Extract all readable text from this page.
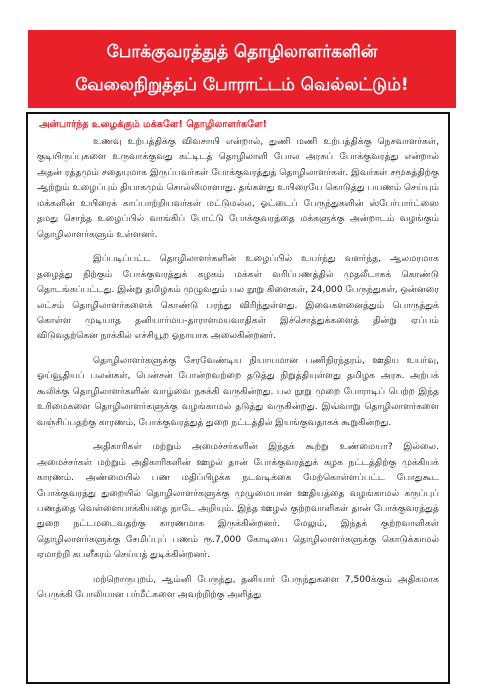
போக்குவரத்துத் தொழிலாளர்களின்
வேலைநிறுத்தப் போராட்டம் வெல்லட்டும்!
அன்பார்ந்த உழைக்கும் மக்களே! தொழிலாளர்களே!

உணவு உற்பத்திக்கு விவசாயி என்றால், துணி மணி உற்பத்திக்கு நெசவாளர்கள், குடியிருப்புகளை உருவாக்குவது கட்டிடத் தொழிலாளி போல அரசுப் போக்குவரத்து என்றால் அதன் ரத்தமும் சதையுமாக இருப்பவர்கள் போக்குவரத்துத் தொழிலாளர்கள். இவர்கள் சமூகத்திற்கு ஆற்றும் உழைப்பும் தியாகமும் சொல்லிமாளாது. தங்களது உயிரையே கொடுத்து பயணம் செய்யும் மக்களின் உயிரைக் காப்பாற்றியவர்கள் மட்டுமல்ல, ஓட்டைப் பேருந்துகளின் ஸ்பேர்பார்ட்ஸை தமது சொந்த உழைப்பில் வாங்கிப் போட்டு போக்குவரத்தை மக்களுக்கு அன்றாடம் வழங்கும் தொழிலாளர்களும் உள்ளனர்.

இப்படிப்பட்ட தொழிலாளர்களின் உழைப்பில் உயர்ந்து வளர்ந்த, ஆலமரமாக தழைத்து நிற்கும் போக்குவரத்துக் கழகம் மக்கள் வரிப்பணத்தில் முதலீடாகக் கொண்டு தொடங்கப்பட்டது. இன்று தமிழகம் முழுவதும் பல நூறு கிளைகள், 24,000 பேருந்துகள், ஒன்னரை லட்சம் தொழிலாளர்களைக் கொண்டு பரந்து விரிந்துள்ளது. இவைகளனைத்தும் பொருத்துக் கொள்ள முடியாத தனியார்மய-தாராளமயவாதிகள் இச்சொத்துக்களைத் தின்று ஏப்பம் விடுவதற்கென நாக்கில் எச்சியூற ஓநாயாக அலைகின்றனர்.

தொழிலாளர்களுக்கு சேரவேண்டிய நியாயமான பணிநிரந்தரம், ஊதிய உயர்வு, ஓய்வூதியப் பலன்கள், பென்சன் போன்றவற்றை தடுத்து நிறுத்தியுள்ளது தமிழக அரசு. அற்பக் கூலிக்கு தொழிலாளர்களின் வாழ்வை நசுக்கி வருகின்றது. பல நூறு முறை போராடிப் பெற்ற இந்த உரிமைகளை தொழிலாளர்களுக்கு வழங்காமல் தடுத்து வருகின்றது. இவ்வாறு தொழிலாளர்களை வஞ்சிப்பதற்கு காரணம், போக்குவரத்துத் துறை நட்டத்தில் இயங்குவதாகக் கூறுகின்றது.

அதிகாரிகள் மற்றும் அமைச்சர்களின் இந்தக் கூற்று உண்மையா? இல்லை. அமைச்சர்கள் மற்றும் அதிகாரிகளின் ஊழல் தான் போக்குவரத்துக் கழக நட்டத்திற்கு முக்கியக் காரணம். அண்மையில் பண மதிப்பிழக்க நடவடிக்கை மேற்கொள்ளப்பட்ட போதுகூட போக்குவரத்து துறையில் தொழிலாளர்களுக்கு முழுமையான ஊதியத்தை வழங்காமல் கருப்புப் பணத்தை வெள்ளையாக்கியதை நாடே அறியும். இந்த ஊழல் குற்றவாளிகள் தான் போக்குவரத்துத் துறை நட்டமடைவதற்கு காரணமாக இருக்கின்றனர். மேலும், இந்தக் குற்றவாளிகள் தொழிலாளர்களுக்கு சேமிப்புப் பணம் ரூ.7,000 கோடியை தொழிலாளர்களுக்கு கொடுக்காமல் ஏமாற்றி கபளீகரம் செய்யத் துடிக்கின்றனர்.

மற்றொருபுறம், ஆம்னி பேருந்து, தனியார் பேருந்துகளை 7,500க்கும் அதிகமாக பெருக்கி போலியான பர்மீட்களை அவற்றிற்கு அளித்து
